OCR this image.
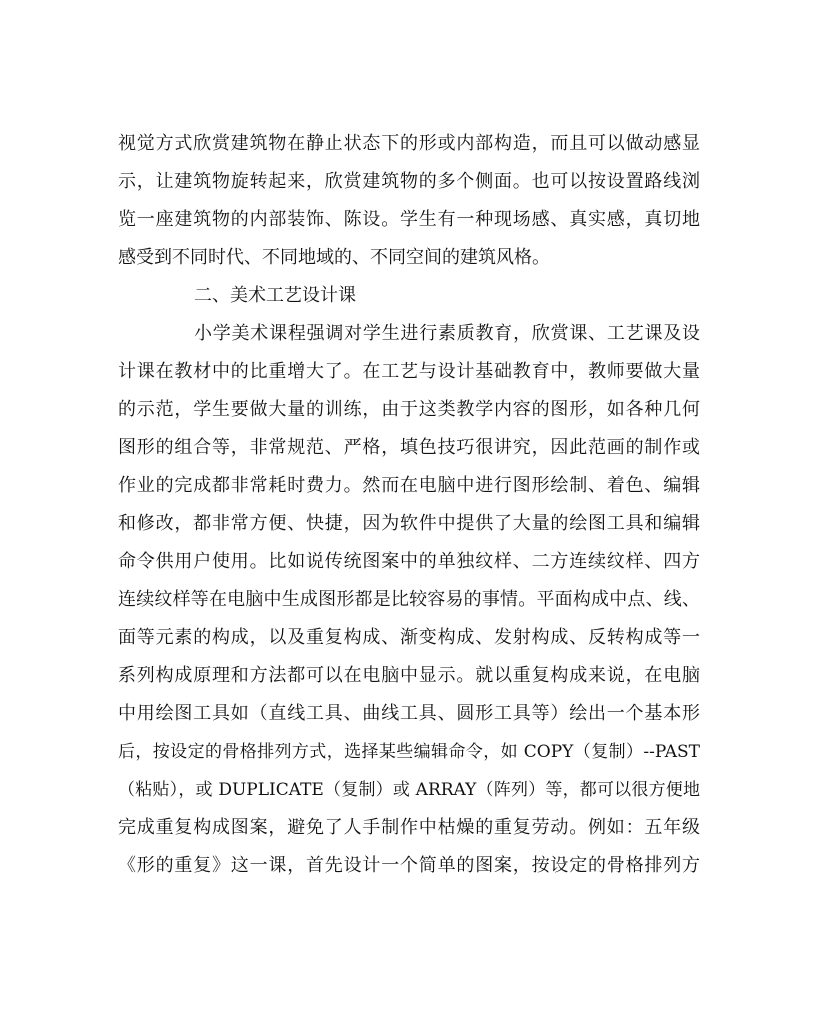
视觉方式欣赏建筑物在静止状态下的形或内部构造，而且可以做动感显
示，让建筑物旋转起来，欣赏建筑物的多个侧面。也可以按设置路线浏
览一座建筑物的内部装饰、陈设。学生有一种现场感、真实感，真切地
感受到不同时代、不同地域的、不同空间的建筑风格。
二、美术工艺设计课
小学美术课程强调对学生进行素质教育，欣赏课、工艺课及设
计课在教材中的比重增大了。在工艺与设计基础教育中，教师要做大量
的示范，学生要做大量的训练，由于这类教学内容的图形，如各种几何
图形的组合等，非常规范、严格，填色技巧很讲究，因此范画的制作或
作业的完成都非常耗时费力。然而在电脑中进行图形绘制、着色、编辑
和修改，都非常方便、快捷，因为软件中提供了大量的绘图工具和编辑
命令供用户使用。比如说传统图案中的单独纹样、二方连续纹样、四方
连续纹样等在电脑中生成图形都是比较容易的事情。平面构成中点、线、
面等元素的构成，以及重复构成、渐变构成、发射构成、反转构成等一
系列构成原理和方法都可以在电脑中显示。就以重复构成来说，在电脑
中用绘图工具如（直线工具、曲线工具、圆形工具等）绘出一个基本形
后，按设定的骨格排列方式，选择某些编辑命令，如 COPY（复制）--PAST
（粘贴），或 DUPLICATE（复制）或 ARRAY（阵列）等，都可以很方便地
完成重复构成图案，避免了人手制作中枯燥的重复劳动。例如：五年级
《形的重复》这一课，首先设计一个简单的图案，按设定的骨格排列方
